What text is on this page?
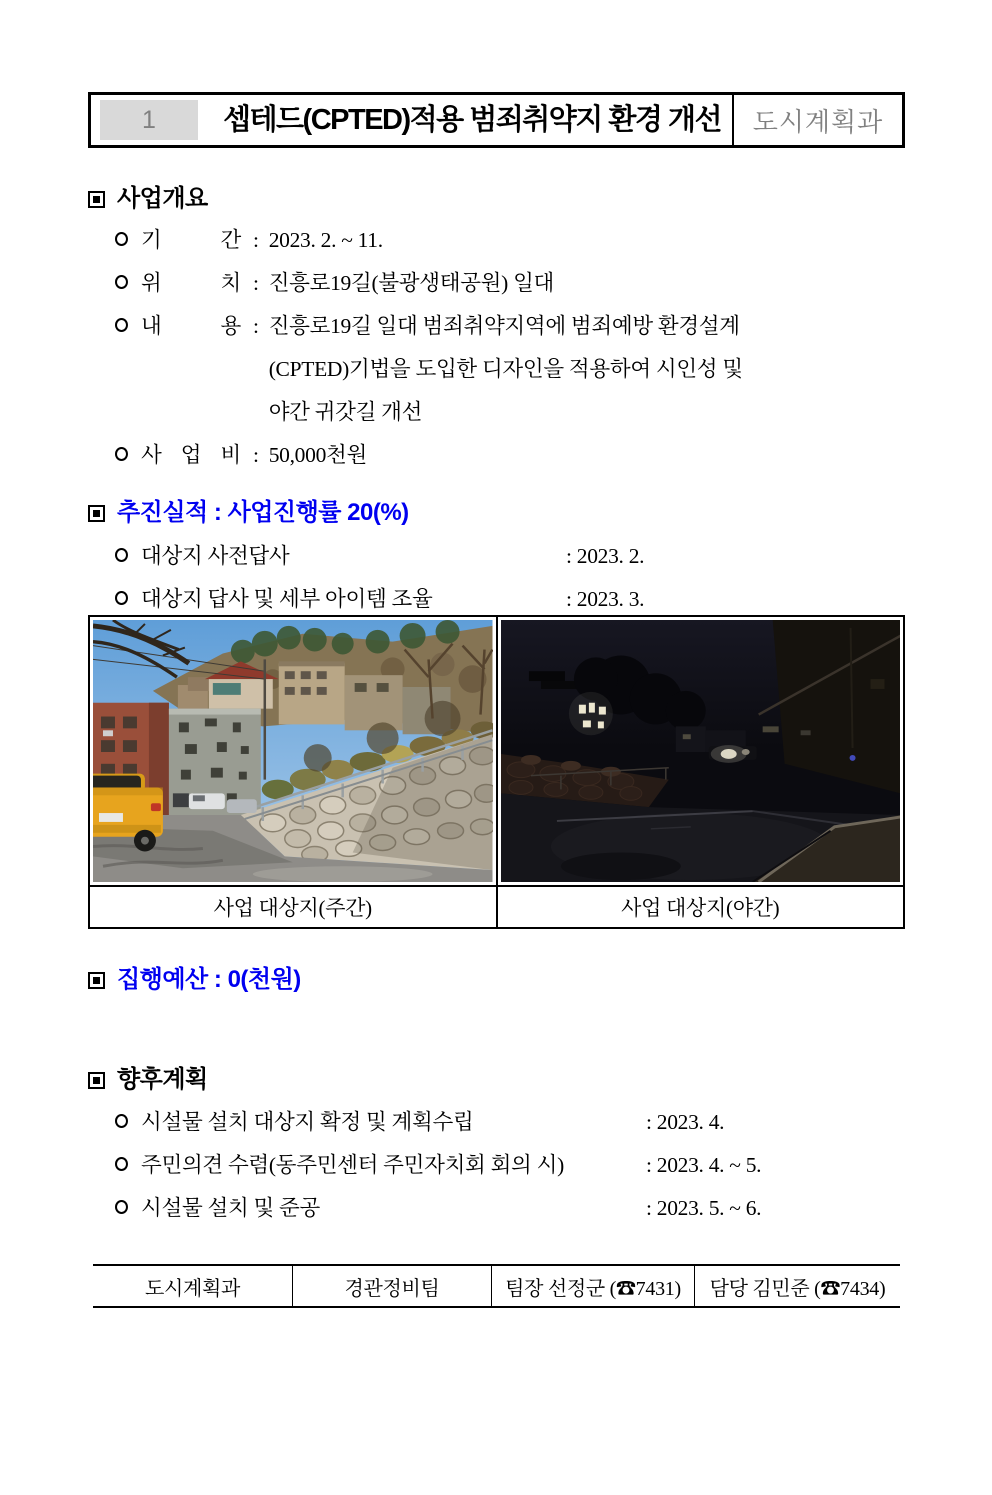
1	셉테드(CPTED)적용 범죄취약지 환경 개선	도시계획과
사업개요
기 간 : 2023. 2. ~ 11.
위 치 : 진흥로19길(불광생태공원) 일대
내 용 : 진흥로19길 일대 범죄취약지역에 범죄예방 환경설계
(CPTED)기법을 도입한 디자인을 적용하여 시인성 및
야간 귀갓길 개선
사 업 비 : 50,000천원
추진실적 : 사업진행률 20(%)
대상지 사전답사	: 2023. 2.
대상지 답사 및 세부 아이템 조율	: 2023. 3.
사업 대상지(주간)	사업 대상지(야간)
집행예산 : 0(천원)
향후계획
시설물 설치 대상지 확정 및 계획수립	: 2023. 4.
주민의견 수렴(동주민센터 주민자치회 회의 시)	: 2023. 4. ~ 5.
시설물 설치 및 준공	: 2023. 5. ~ 6.
도시계획과	경관정비팀	팀장 선정군 (☎7431)	담당 김민준 (☎7434)
